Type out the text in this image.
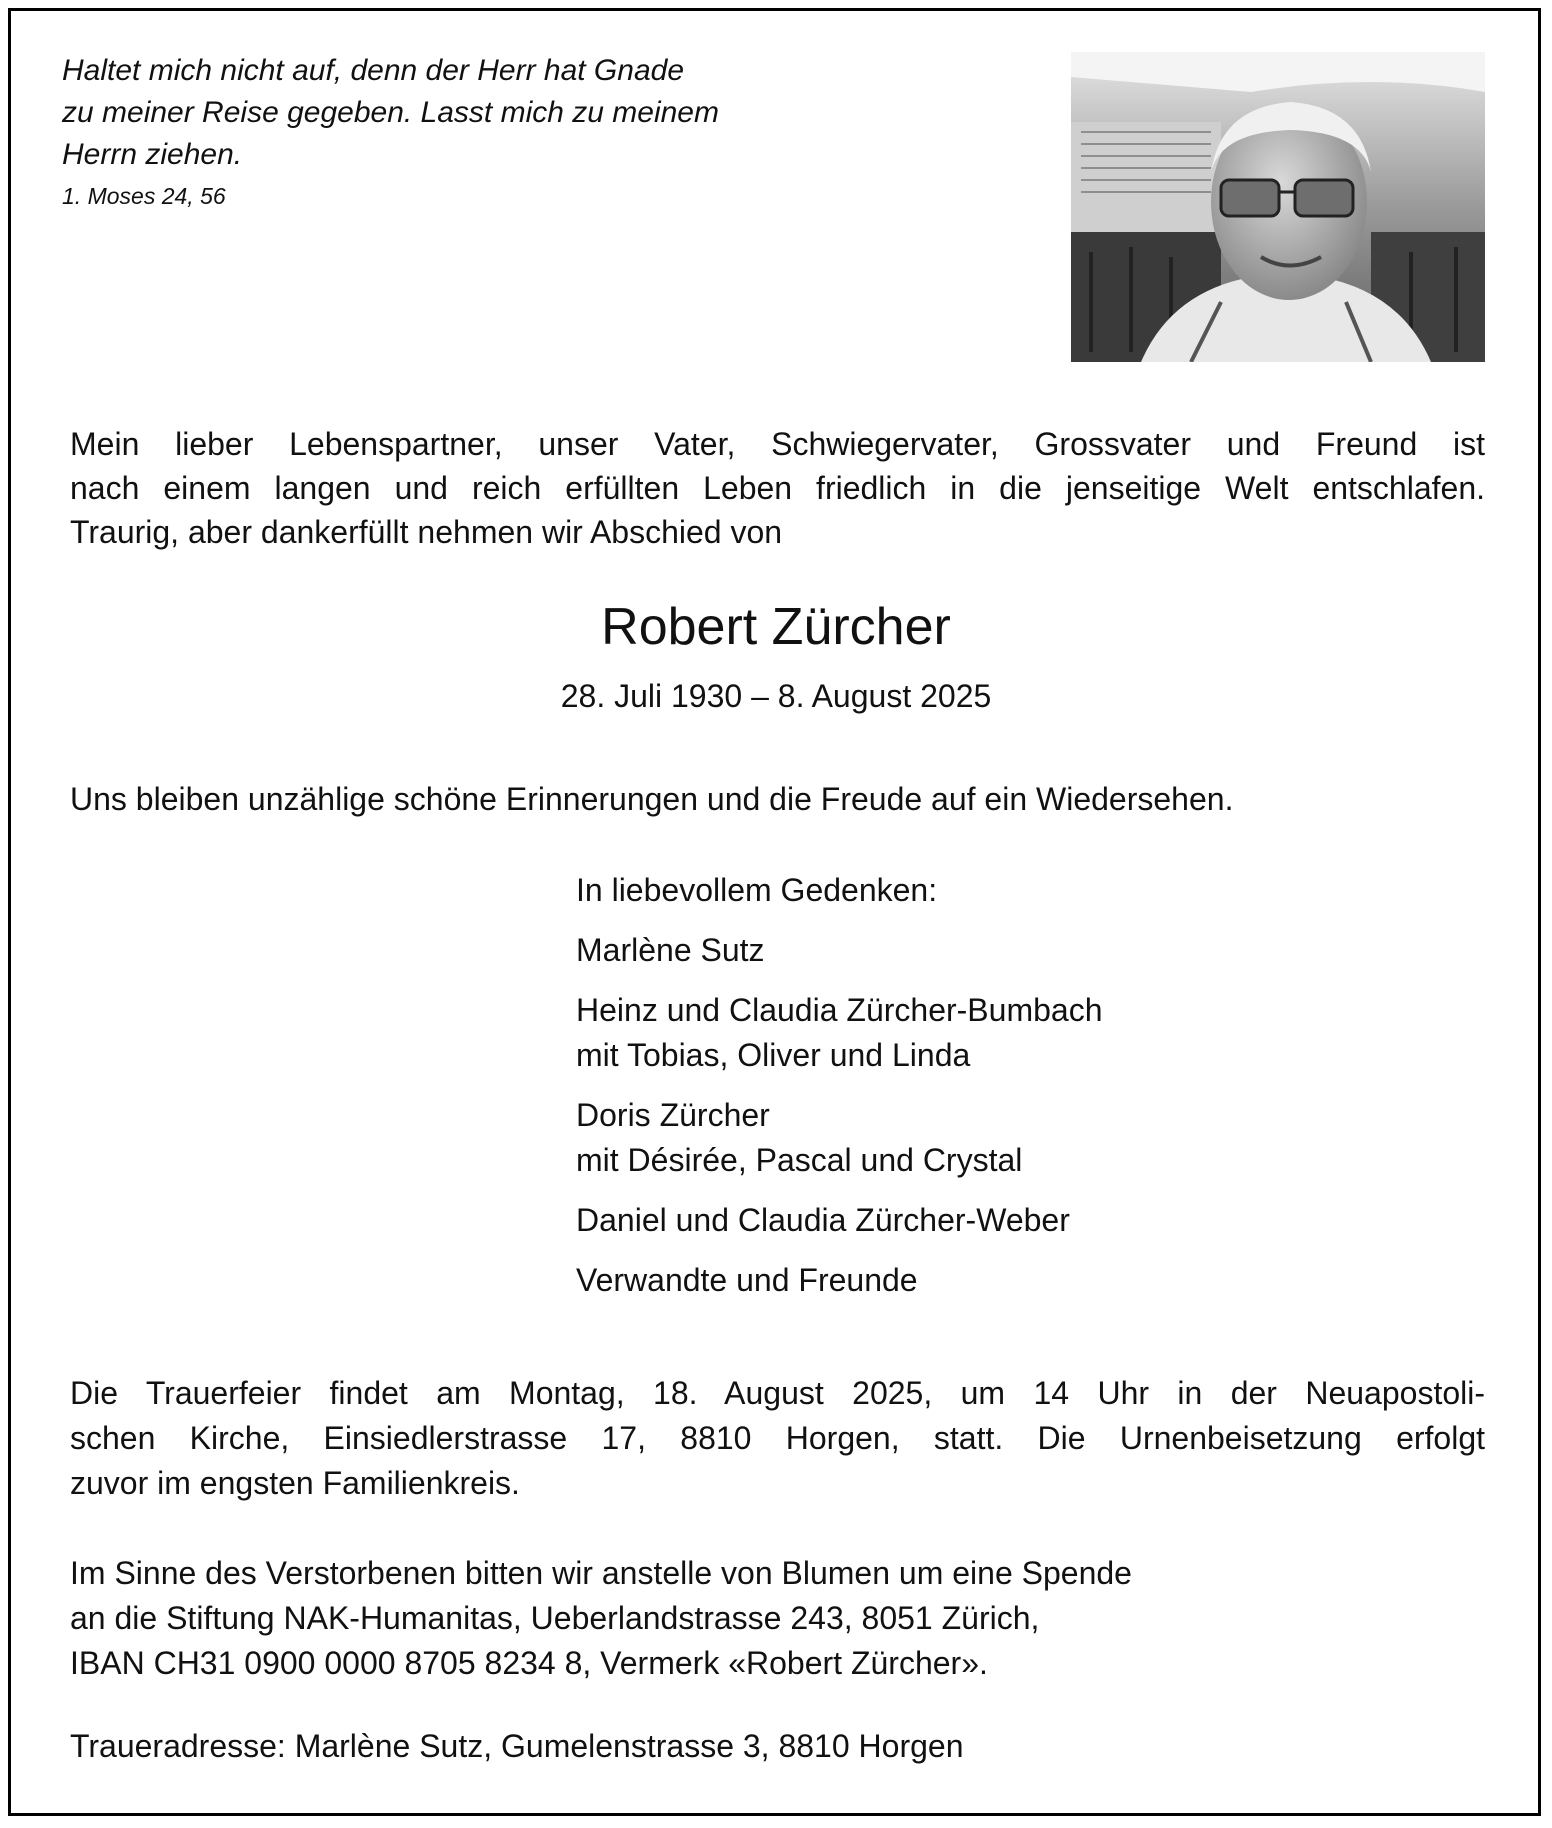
Haltet mich nicht auf, denn der Herr hat Gnade
zu meiner Reise gegeben. Lasst mich zu meinem
Herrn ziehen.

1. Moses 24, 56

Mein lieber Lebenspartner, unser Vater, Schwiegervater, Grossvater und Freund ist
nach einem langen und reich erfüllten Leben friedlich in die jenseitige Welt entschlafen.
Traurig, aber dankerfüllt nehmen wir Abschied von

Robert Zürcher

28. Juli 1930 – 8. August 2025

Uns bleiben unzählige schöne Erinnerungen und die Freude auf ein Wiedersehen.

In liebevollem Gedenken:
Marlène Sutz
Heinz und Claudia Zürcher-Bumbach
mit Tobias, Oliver und Linda
Doris Zürcher
mit Désirée, Pascal und Crystal
Daniel und Claudia Zürcher-Weber
Verwandte und Freunde

Die Trauerfeier findet am Montag, 18. August 2025, um 14 Uhr in der Neuapostoli-
schen Kirche, Einsiedlerstrasse 17, 8810 Horgen, statt. Die Urnenbeisetzung erfolgt
zuvor im engsten Familienkreis.

Im Sinne des Verstorbenen bitten wir anstelle von Blumen um eine Spende
an die Stiftung NAK-Humanitas, Ueberlandstrasse 243, 8051 Zürich,
IBAN CH31 0900 0000 8705 8234 8, Vermerk «Robert Zürcher».

Traueradresse: Marlène Sutz, Gumelenstrasse 3, 8810 Horgen
